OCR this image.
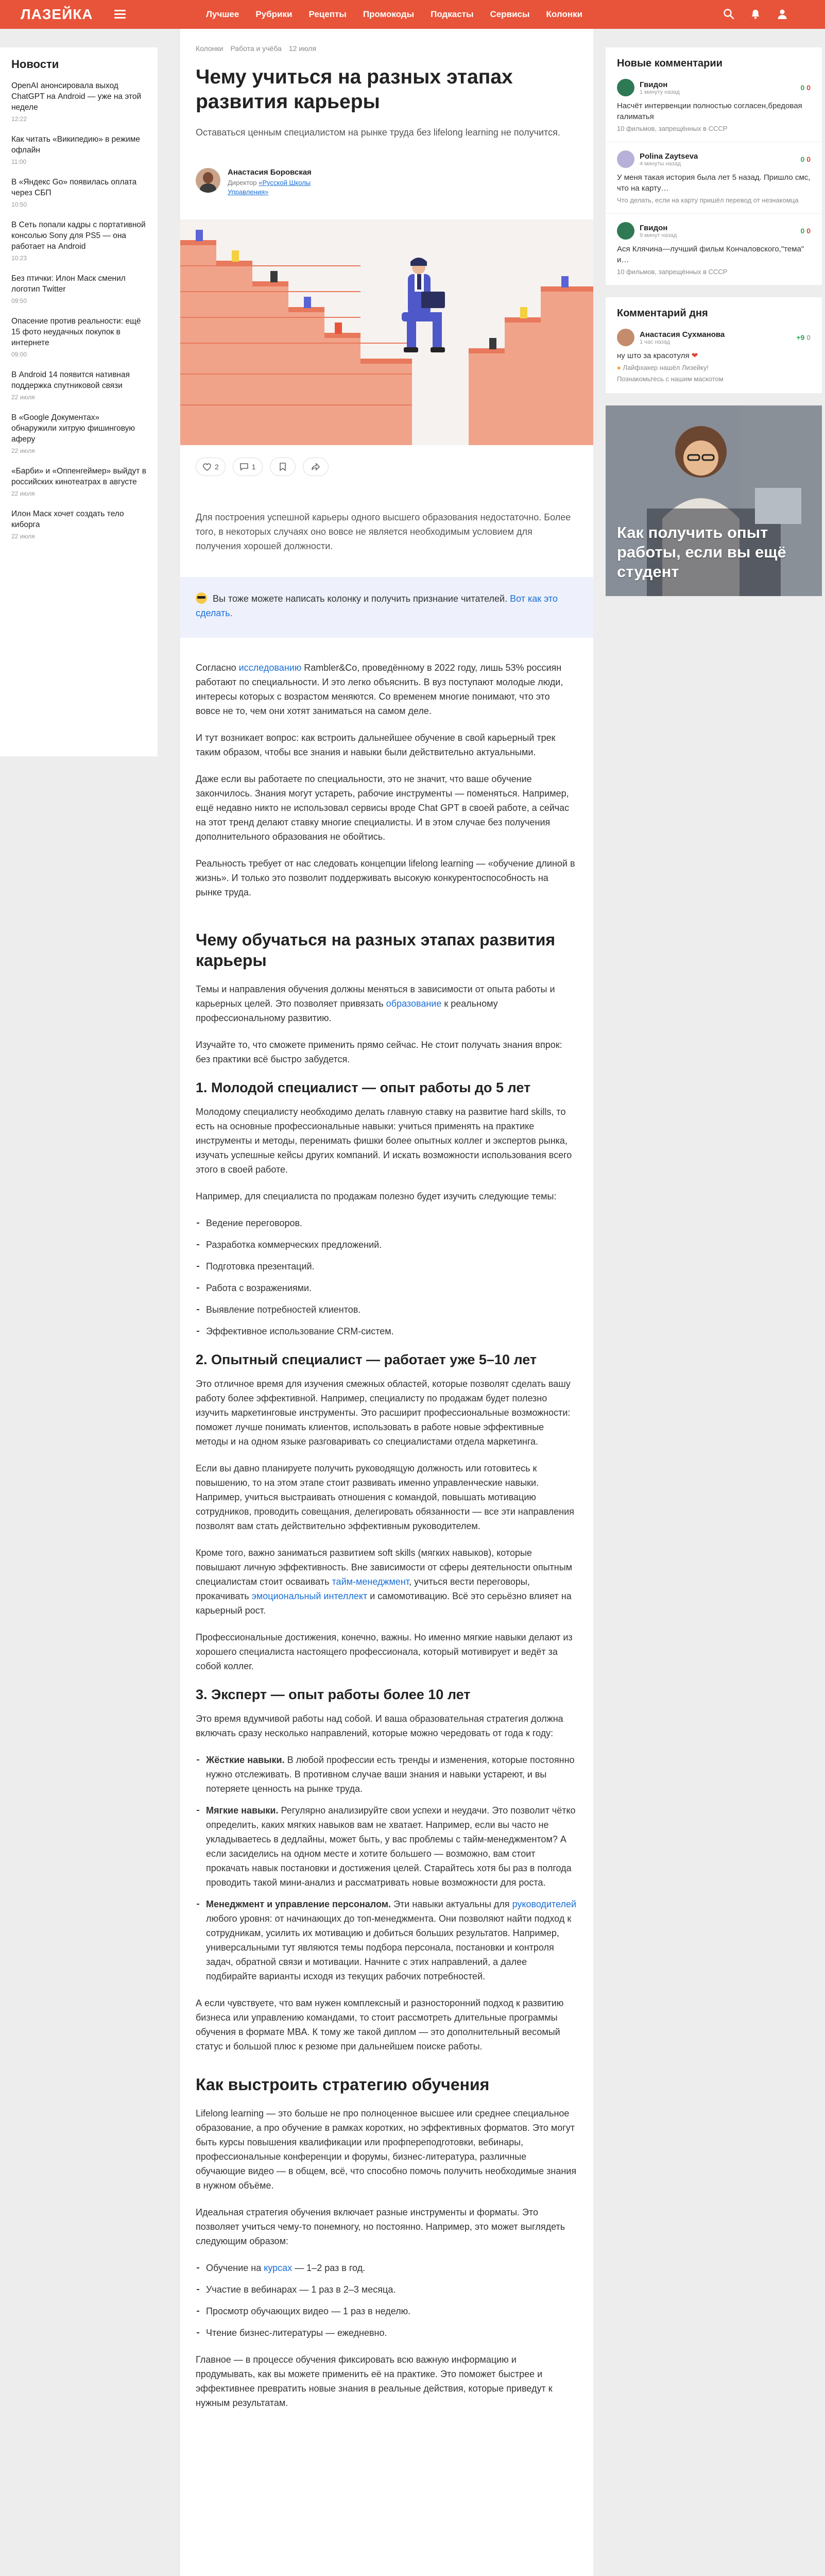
ЛАЗЕЙКА	Лучшее Рубрики Рецепты Промокоды Подкасты Сервисы Колонки
Новости
OpenAI анонсировала выход ChatGPT на Android — уже на этой неделе
12:22
Как читать «Википедию» в режиме офлайн
11:00
В «Яндекс Go» появилась оплата через СБП
10:50
В Сеть попали кадры с портативной консолью Sony для PS5 — она работает на Android
10:23
Без птички: Илон Маск сменил логотип Twitter
09:50
Опасение против реальности: ещё 15 фото неудачных покупок в интернете
09:00
В Android 14 появится нативная поддержка спутниковой связи
22 июля
В «Google Документах» обнаружили хитрую фишинговую аферу
22 июля
«Барби» и «Оппенгеймер» выйдут в российских кинотеатрах в августе
22 июля
Илон Маск хочет создать тело киборга
22 июля
Колонки Работа и учёба 12 июля
Чему учиться на разных этапах развития карьеры
Оставаться ценным специалистом на рынке труда без lifelong learning не получится.
Анастасия Боровская
Директор «Русской Школы Управления»
2	1
Для построения успешной карьеры одного высшего образования недостаточно. Более того, в некоторых случаях оно вовсе не является необходимым условием для получения хорошей должности.
Вы тоже можете написать колонку и получить признание читателей. Вот как это сделать.

Согласно исследованию Rambler&Co, проведённому в 2022 году, лишь 53% россиян работают по специальности. И это легко объяснить. В вуз поступают молодые люди, интересы которых с возрастом меняются. Со временем многие понимают, что это вовсе не то, чем они хотят заниматься на самом деле.

И тут возникает вопрос: как встроить дальнейшее обучение в свой карьерный трек таким образом, чтобы все знания и навыки были действительно актуальными.

Даже если вы работаете по специальности, это не значит, что ваше обучение закончилось. Знания могут устареть, рабочие инструменты — поменяться. Например, ещё недавно никто не использовал сервисы вроде Chat GPT в своей работе, а сейчас на этот тренд делают ставку многие специалисты. И в этом случае без получения дополнительного образования не обойтись.

Реальность требует от нас следовать концепции lifelong learning — «обучение длиной в жизнь». И только это позволит поддерживать высокую конкурентоспособность на рынке труда.

Чему обучаться на разных этапах развития карьеры

Темы и направления обучения должны меняться в зависимости от опыта работы и карьерных целей. Это позволяет привязать образование к реальному профессиональному развитию.

Изучайте то, что сможете применить прямо сейчас. Не стоит получать знания впрок: без практики всё быстро забудется.

1. Молодой специалист — опыт работы до 5 лет

Молодому специалисту необходимо делать главную ставку на развитие hard skills, то есть на основные профессиональные навыки: учиться применять на практике инструменты и методы, перенимать фишки более опытных коллег и экспертов рынка, изучать успешные кейсы других компаний. И искать возможности использования всего этого в своей работе.

Например, для специалиста по продажам полезно будет изучить следующие темы:

Ведение переговоров.
Разработка коммерческих предложений.
Подготовка презентаций.
Работа с возражениями.
Выявление потребностей клиентов.
Эффективное использование CRM-систем.
2. Опытный специалист — работает уже 5–10 лет

Это отличное время для изучения смежных областей, которые позволят сделать вашу работу более эффективной. Например, специалисту по продажам будет полезно изучить маркетинговые инструменты. Это расширит профессиональные возможности: поможет лучше понимать клиентов, использовать в работе новые эффективные методы и на одном языке разговаривать со специалистами отдела маркетинга.

Если вы давно планируете получить руководящую должность или готовитесь к повышению, то на этом этапе стоит развивать именно управленческие навыки. Например, учиться выстраивать отношения с командой, повышать мотивацию сотрудников, проводить совещания, делегировать обязанности — все эти направления позволят вам стать действительно эффективным руководителем.

Кроме того, важно заниматься развитием soft skills (мягких навыков), которые повышают личную эффективность. Вне зависимости от сферы деятельности опытным специалистам стоит осваивать тайм-менеджмент, учиться вести переговоры, прокачивать эмоциональный интеллект и самомотивацию. Всё это серьёзно влияет на карьерный рост.

Профессиональные достижения, конечно, важны. Но именно мягкие навыки делают из хорошего специалиста настоящего профессионала, который мотивирует и ведёт за собой коллег.

3. Эксперт — опыт работы более 10 лет

Это время вдумчивой работы над собой. И ваша образовательная стратегия должна включать сразу несколько направлений, которые можно чередовать от года к году:

Жёсткие навыки. В любой профессии есть тренды и изменения, которые постоянно нужно отслеживать. В противном случае ваши знания и навыки устареют, и вы потеряете ценность на рынке труда.
Мягкие навыки. Регулярно анализируйте свои успехи и неудачи. Это позволит чётко определить, каких мягких навыков вам не хватает. Например, если вы часто не укладываетесь в дедлайны, может быть, у вас проблемы с тайм-менеджментом? А если засиделись на одном месте и хотите большего — возможно, вам стоит прокачать навык постановки и достижения целей. Старайтесь хотя бы раз в полгода проводить такой мини-анализ и рассматривать новые возможности для роста.
Менеджмент и управление персоналом. Эти навыки актуальны для руководителей любого уровня: от начинающих до топ-менеджмента. Они позволяют найти подход к сотрудникам, усилить их мотивацию и добиться больших результатов. Например, универсальными тут являются темы подбора персонала, постановки и контроля задач, обратной связи и мотивации. Начните с этих направлений, а далее подбирайте варианты исходя из текущих рабочих потребностей.

А если чувствуете, что вам нужен комплексный и разносторонний подход к развитию бизнеса или управлению командами, то стоит рассмотреть длительные программы обучения в формате MBA. К тому же такой диплом — это дополнительный весомый статус и большой плюс к резюме при дальнейшем поиске работы.

Как выстроить стратегию обучения

Lifelong learning — это больше не про полноценное высшее или среднее специальное образование, а про обучение в рамках коротких, но эффективных форматов. Это могут быть курсы повышения квалификации или профпереподготовки, вебинары, профессиональные конференции и форумы, бизнес-литература, различные обучающие видео — в общем, всё, что способно помочь получить необходимые знания в нужном объёме.

Идеальная стратегия обучения включает разные инструменты и форматы. Это позволяет учиться чему-то понемногу, но постоянно. Например, это может выглядеть следующим образом:

Обучение на курсах — 1–2 раз в год.
Участие в вебинарах — 1 раз в 2–3 месяца.
Просмотр обучающих видео — 1 раз в неделю.
Чтение бизнес-литературы — ежедневно.

Главное — в процессе обучения фиксировать всю важную информацию и продумывать, как вы можете применить её на практике. Это поможет быстрее и эффективнее превратить новые знания в реальные действия, которые приведут к нужным результатам.

Новые комментарии
Гвидон
1 минуту назад
0 0
Насчёт интервенции полностью согласен,бредовая галиматья
10 фильмов, запрещённых в СССР
Polina Zaytseva
4 минуты назад
0 0
У меня такая история была лет 5 назад. Пришло смс, что на карту…
Что делать, если на карту пришёл перевод от незнакомца
Гвидон
9 минут назад
0 0
Ася Клячина—лучший фильм Кончаловского,"тема" и…
10 фильмов, запрещённых в СССР
Комментарий дня
Анастасия Сухманова
1 час назад
+9 0
ну што за красотуля ❤
● Лайфхакер нашёл Лизейку!
Познакомьтесь с нашим маскотом
Как получить опыт работы, если вы ещё студент
